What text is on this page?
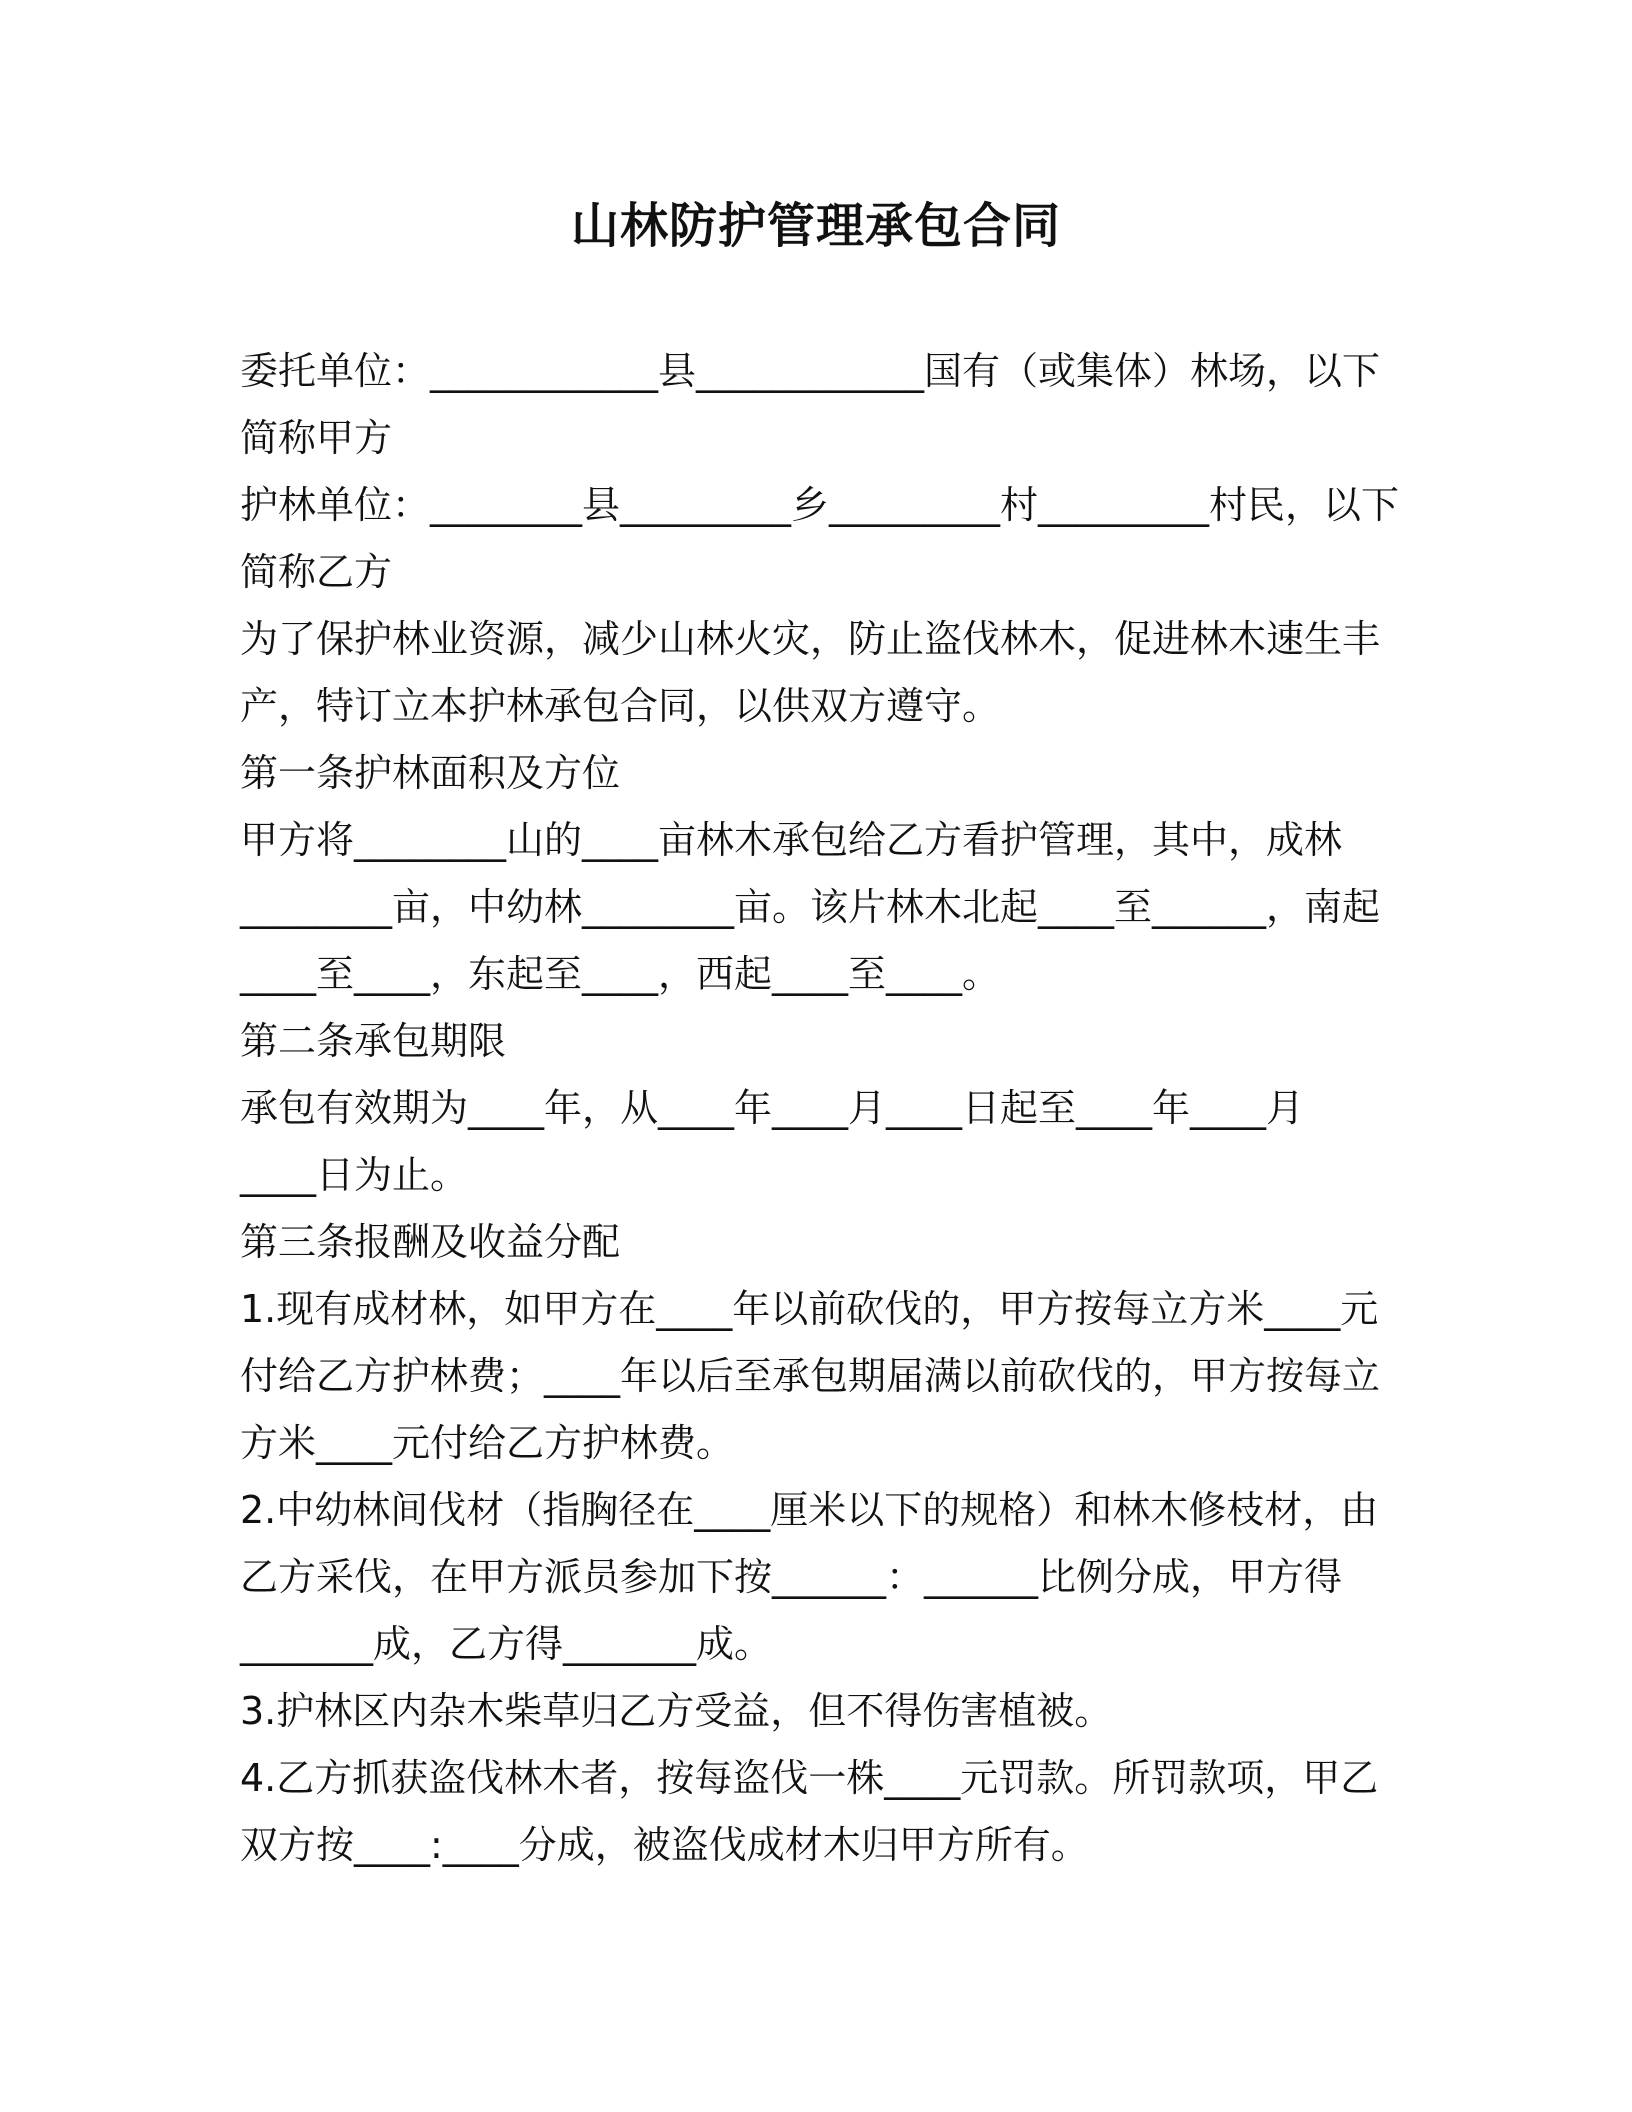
山林防护管理承包合同
委托单位：____________县____________国有（或集体）林场，以下
简称甲方
护林单位：________县_________乡_________村_________村民，以下
简称乙方
为了保护林业资源，减少山林火灾，防止盗伐林木，促进林木速生丰
产，特订立本护林承包合同，以供双方遵守。
第一条护林面积及方位
甲方将________山的____亩林木承包给乙方看护管理，其中，成林
________亩，中幼林________亩。该片林木北起____至______，南起
____至____，东起至____，西起____至____。
第二条承包期限
承包有效期为____年，从____年____月____日起至____年____月
____日为止。
第三条报酬及收益分配
1.现有成材林，如甲方在____年以前砍伐的，甲方按每立方米____元
付给乙方护林费；____年以后至承包期届满以前砍伐的，甲方按每立
方米____元付给乙方护林费。
2.中幼林间伐材（指胸径在____厘米以下的规格）和林木修枝材，由
乙方采伐，在甲方派员参加下按______：______比例分成，甲方得
_______成，乙方得_______成。
3.护林区内杂木柴草归乙方受益，但不得伤害植被。
4.乙方抓获盗伐林木者，按每盗伐一株____元罚款。所罚款项，甲乙
双方按____:____分成，被盗伐成材木归甲方所有。
